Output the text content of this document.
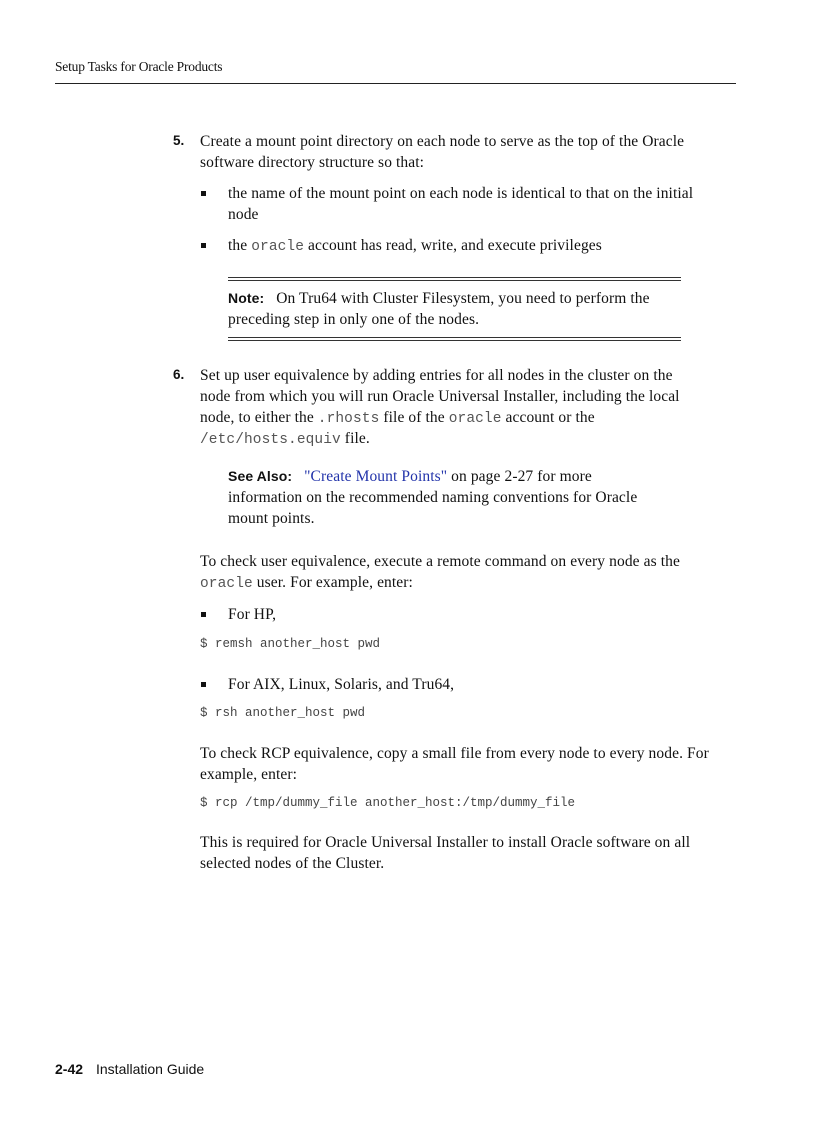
Setup Tasks for Oracle Products
5. Create a mount point directory on each node to serve as the top of the Oracle
software directory structure so that:
the name of the mount point on each node is identical to that on the initial
node
the oracle account has read, write, and execute privileges
Note: On Tru64 with Cluster Filesystem, you need to perform the
preceding step in only one of the nodes.
6. Set up user equivalence by adding entries for all nodes in the cluster on the
node from which you will run Oracle Universal Installer, including the local
node, to either the .rhosts file of the oracle account or the
/etc/hosts.equiv file.
See Also: "Create Mount Points" on page 2-27 for more
information on the recommended naming conventions for Oracle
mount points.
To check user equivalence, execute a remote command on every node as the
oracle user. For example, enter:
For HP,
$ remsh another_host pwd
For AIX, Linux, Solaris, and Tru64,
$ rsh another_host pwd
To check RCP equivalence, copy a small file from every node to every node. For
example, enter:
$ rcp /tmp/dummy_file another_host:/tmp/dummy_file
This is required for Oracle Universal Installer to install Oracle software on all
selected nodes of the Cluster.
2-42 Installation Guide
